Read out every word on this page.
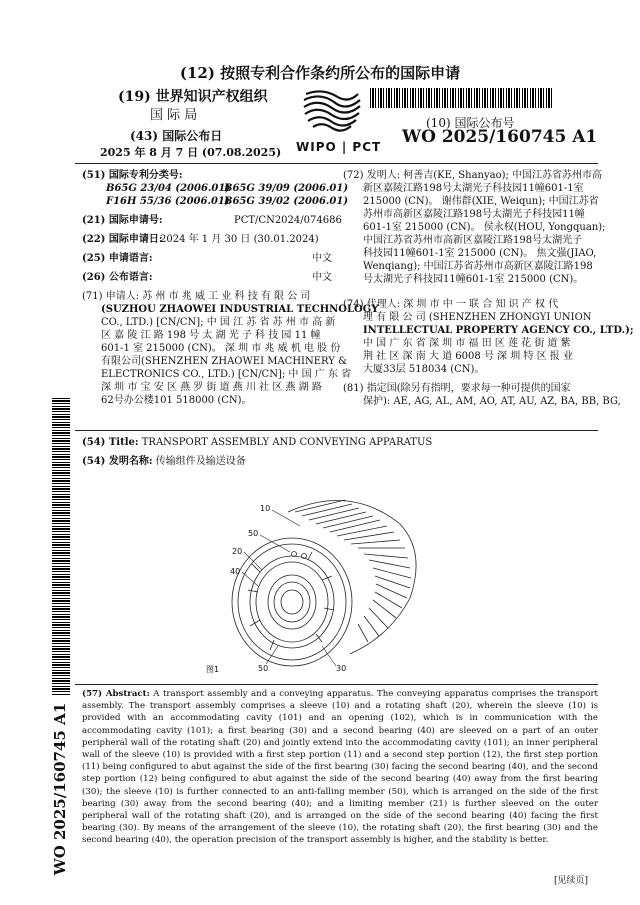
(12) 按照专利合作条约所公布的国际申请
(19) 世界知识产权组织
国 际 局
(43) 国际公布日
2025 年 8 月 7 日 (07.08.2025) WIPO | PCT
(10) 国际公布号
WO 2025/160745 A1
(51) 国际专利分类号:
B65G 23/04 (2006.01)
B65G 39/09 (2006.01)
F16H 55/36 (2006.01)
B65G 39/02 (2006.01)
(21) 国际申请号:	PCT/CN2024/074686
(22) 国际申请日:
2024 年 1 月 30 日 (30.01.2024)
(25) 申请语言:	中文
(26) 公布语言:	中文
(71) 申请人: 苏 州 市 兆 威 工 业 科 技 有 限 公 司
(SUZHOU ZHAOWEI INDUSTRIAL TECHNOLOGY
CO., LTD.) [CN/CN]; 中 国 江 苏 省 苏 州 市 高 新
区 嘉 陵 江 路 198 号 太 湖 光 子 科 技 园 11 幢
601-1 室 215000 (CN)。 深 圳 市 兆 威 机 电 股 份
有限公司(SHENZHEN ZHAOWEI MACHINERY &
ELECTRONICS CO., LTD.) [CN/CN]; 中 国 广 东 省
深 圳 市 宝 安 区 燕 罗 街 道 燕 川 社 区 燕 湖 路
62号办公楼101 518000 (CN)。
(72) 发明人: 柯善吉(KE, Shanyao); 中国江苏省苏州市高
新区嘉陵江路198号太湖光子科技园11幢601-1室
215000 (CN)。 谢伟群(XIE, Weiqun); 中国江苏省
苏州市高新区嘉陵江路198号太湖光子科技园11幢
601-1室 215000 (CN)。 侯永权(HOU, Yongquan);
中国江苏省苏州市高新区嘉陵江路198号太湖光子
科技园11幢601-1室 215000 (CN)。 焦文强(JIAO,
Wenqiang); 中国江苏省苏州市高新区嘉陵江路198
号太湖光子科技园11幢601-1室 215000 (CN)。
(74) 代理人: 深 圳 市 中 一 联 合 知 识 产 权 代
理 有 限 公 司 (SHENZHEN ZHONGYI UNION
INTELLECTUAL PROPERTY AGENCY CO., LTD.);
中 国 广 东 省 深 圳 市 福 田 区 莲 花 街 道 紫
荆 社 区 深 南 大 道 6008 号 深 圳 特 区 报 业
大厦33层 518034 (CN)。
(81) 指定国(除另有指明，要求每一种可提供的国家
保护): AE, AG, AL, AM, AO, AT, AU, AZ, BA, BB, BG,
(54) Title: TRANSPORT ASSEMBLY AND CONVEYING APPARATUS
(54) 发明名称: 传输组件及输送设备
10
50
20
40
50	30
图1
(57) Abstract: A transport assembly and a conveying apparatus. The conveying apparatus comprises the transport assembly. The transport assembly comprises a sleeve (10) and a rotating shaft (20), wherein the sleeve (10) is provided with an accommodating cavity (101) and an opening (102), which is in communication with the accommodating cavity (101); a first bearing (30) and a second bearing (40) are sleeved on a part of an outer peripheral wall of the rotating shaft (20) and jointly extend into the accommodating cavity (101); an inner peripheral wall of the sleeve (10) is provided with a first step portion (11) and a second step portion (12), the first step portion (11) being configured to abut against the side of the first bearing (30) facing the second bearing (40), and the second step portion (12) being configured to abut against the side of the second bearing (40) away from the first bearing (30); the sleeve (10) is further connected to an anti-falling member (50), which is arranged on the side of the first bearing (30) away from the second bearing (40); and a limiting member (21) is further sleeved on the outer peripheral wall of the rotating shaft (20), and is arranged on the side of the second bearing (40) facing the first bearing (30). By means of the arrangement of the sleeve (10), the rotating shaft (20), the first bearing (30) and the second bearing (40), the operation precision of the transport assembly is higher, and the stability is better.
WO 2025/160745 A1
[见续页]
